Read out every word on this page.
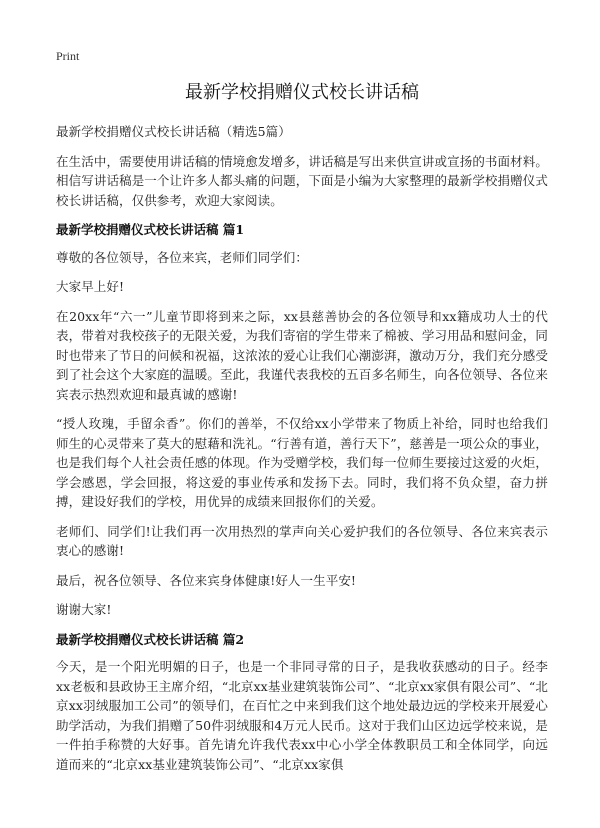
Print
最新学校捐赠仪式校长讲话稿

最新学校捐赠仪式校长讲话稿（精选5篇）

在生活中，需要使用讲话稿的情境愈发增多，讲话稿是写出来供宣讲或宣扬的书面材料。相信写讲话稿是一个让许多人都头痛的问题，下面是小编为大家整理的最新学校捐赠仪式校长讲话稿，仅供参考，欢迎大家阅读。

最新学校捐赠仪式校长讲话稿 篇1

尊敬的各位领导，各位来宾，老师们同学们：

大家早上好!

在20xx年“六一”儿童节即将到来之际，xx县慈善协会的各位领导和xx籍成功人士的代表，带着对我校孩子的无限关爱，为我们寄宿的学生带来了棉被、学习用品和慰问金，同时也带来了节日的问候和祝福，这浓浓的爱心让我们心潮澎湃，激动万分，我们充分感受到了社会这个大家庭的温暖。至此，我谨代表我校的五百多名师生，向各位领导、各位来宾表示热烈欢迎和最真诚的感谢!

“授人玫瑰，手留余香”。你们的善举，不仅给xx小学带来了物质上补给，同时也给我们师生的心灵带来了莫大的慰藉和洗礼。“行善有道，善行天下”，慈善是一项公众的事业，也是我们每个人社会责任感的体现。作为受赠学校，我们每一位师生要接过这爱的火炬，学会感恩，学会回报，将这爱的事业传承和发扬下去。同时，我们将不负众望，奋力拼搏，建设好我们的学校，用优异的成绩来回报你们的关爱。

老师们、同学们!让我们再一次用热烈的掌声向关心爱护我们的各位领导、各位来宾表示衷心的感谢!

最后，祝各位领导、各位来宾身体健康!好人一生平安!

谢谢大家!

最新学校捐赠仪式校长讲话稿 篇2

今天，是一个阳光明媚的日子，也是一个非同寻常的日子，是我收获感动的日子。经李xx老板和县政协王主席介绍，“北京xx基业建筑装饰公司”、“北京xx家俱有限公司”、“北京xx羽绒服加工公司”的领导们，在百忙之中来到我们这个地处最边远的学校来开展爱心助学活动，为我们捐赠了50件羽绒服和4万元人民币。这对于我们山区边远学校来说，是一件拍手称赞的大好事。首先请允许我代表xx中心小学全体教职员工和全体同学，向远道而来的“北京xx基业建筑装饰公司”、“北京xx家俱
